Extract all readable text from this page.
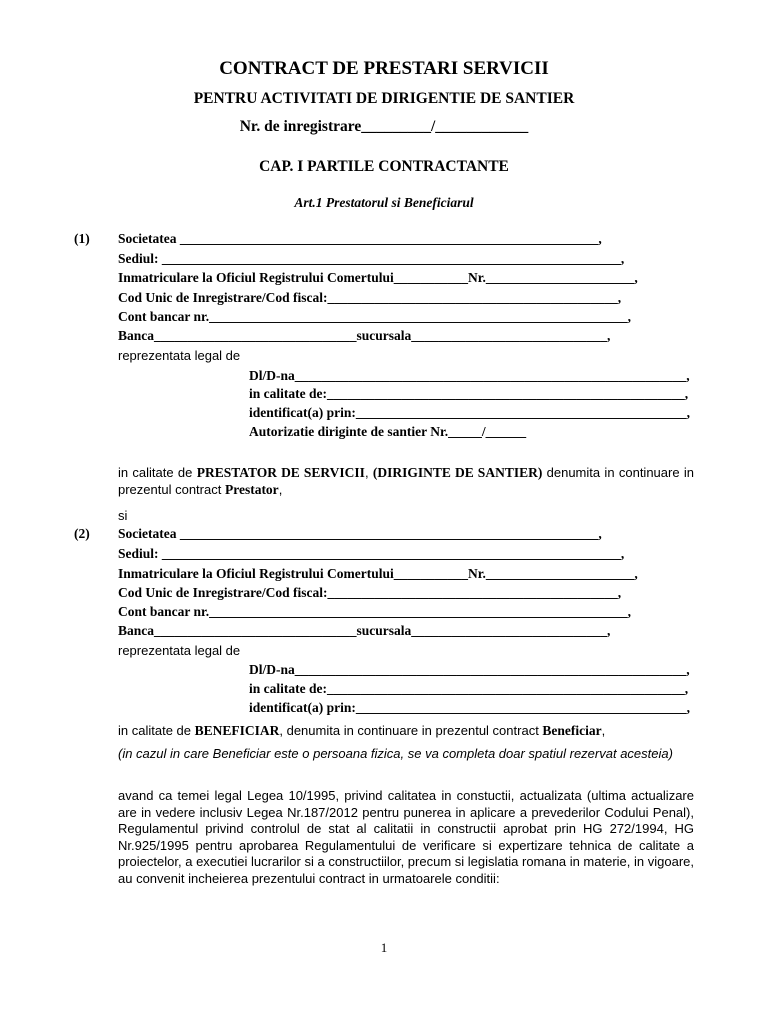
CONTRACT DE PRESTARI SERVICII
PENTRU ACTIVITATI DE DIRIGENTIE DE SANTIER
Nr. de inregistrare_________/____________
CAP. I PARTILE CONTRACTANTE
Art.1 Prestatorul si Beneficiarul
(1) Societatea ______________________________________________________________,
Sediul: ____________________________________________________________________,
Inmatriculare la Oficiul Registrului Comertului___________Nr.______________________,
Cod Unic de Inregistrare/Cod fiscal:___________________________________________,
Cont bancar nr.______________________________________________________________,
Banca______________________________sucursala_____________________________,
reprezentata legal de
Dl/D-na__________________________________________________________,
in calitate de:_____________________________________________________,
identificat(a) prin:_________________________________________________,
Autorizatie diriginte de santier Nr._____/______
in calitate de PRESTATOR DE SERVICII, (DIRIGINTE DE SANTIER) denumita in continuare in prezentul contract Prestator,
si
(2) Societatea ______________________________________________________________,
Sediul: ____________________________________________________________________,
Inmatriculare la Oficiul Registrului Comertului___________Nr.______________________,
Cod Unic de Inregistrare/Cod fiscal:___________________________________________,
Cont bancar nr.______________________________________________________________,
Banca______________________________sucursala_____________________________,
reprezentata legal de
Dl/D-na__________________________________________________________,
in calitate de:_____________________________________________________,
identificat(a) prin:_________________________________________________,
in calitate de BENEFICIAR, denumita in continuare in prezentul contract Beneficiar,
(in cazul in care Beneficiar este o persoana fizica, se va completa doar spatiul rezervat acesteia)
avand ca temei legal Legea 10/1995, privind calitatea in constuctii, actualizata (ultima actualizare are in vedere inclusiv Legea Nr.187/2012 pentru punerea in aplicare a prevederilor Codului Penal), Regulamentul privind controlul de stat al calitatii in constructii aprobat prin HG 272/1994, HG Nr.925/1995 pentru aprobarea Regulamentului de verificare si expertizare tehnica de calitate a proiectelor, a executiei lucrarilor si a constructiilor, precum si legislatia romana in materie, in vigoare, au convenit incheierea prezentului contract in urmatoarele conditii:
1
